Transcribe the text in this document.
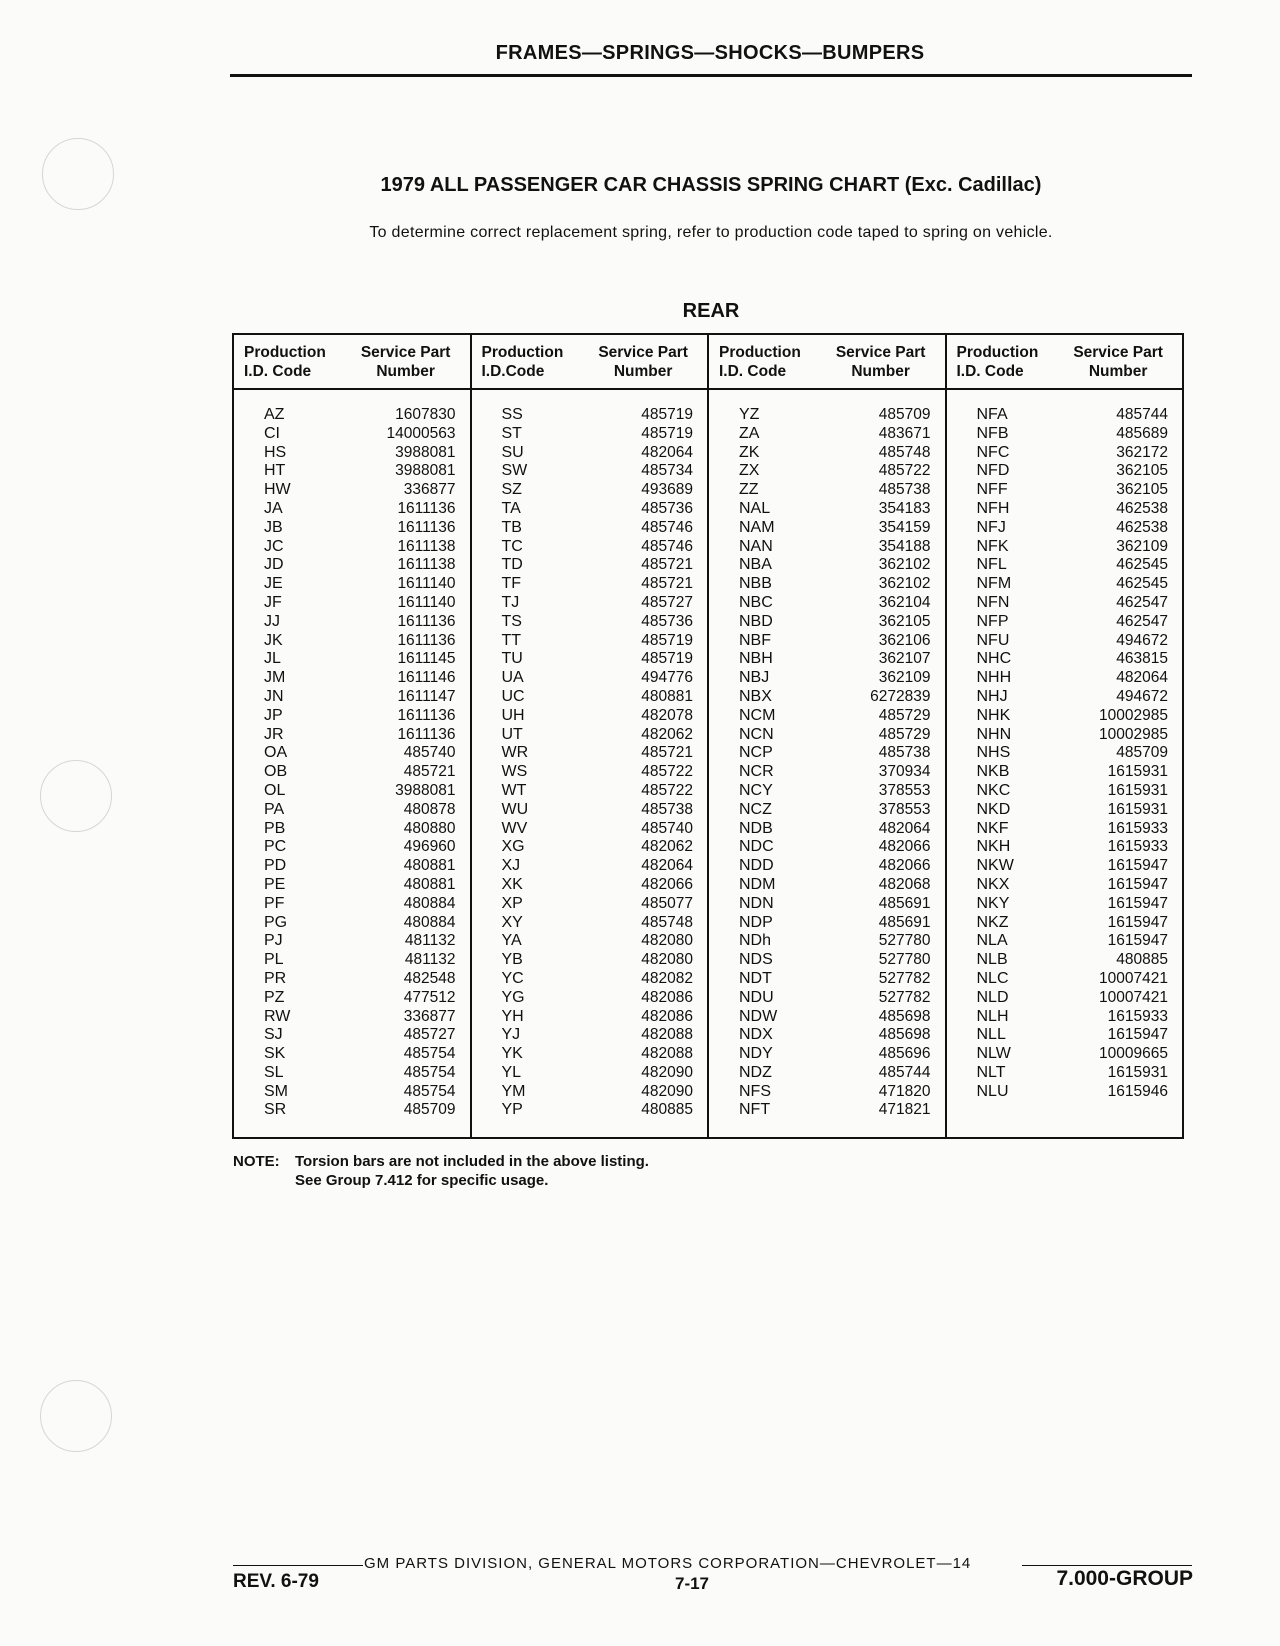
FRAMES—SPRINGS—SHOCKS—BUMPERS
1979 ALL PASSENGER CAR CHASSIS SPRING CHART (Exc. Cadillac)
To determine correct replacement spring, refer to production code taped to spring on vehicle.
REAR
Production I.D. Code
Service Part Number
AZ	1607830
CI	14000563
HS	3988081
HT	3988081
HW	336877
JA	1611136
JB	1611136
JC	1611138
JD	1611138
JE	1611140
JF	1611140
JJ	1611136
JK	1611136
JL	1611145
JM	1611146
JN	1611147
JP	1611136
JR	1611136
OA	485740
OB	485721
OL	3988081
PA	480878
PB	480880
PC	496960
PD	480881
PE	480881
PF	480884
PG	480884
PJ	481132
PL	481132
PR	482548
PZ	477512
RW	336877
SJ	485727
SK	485754
SL	485754
SM	485754
SR	485709
Production I.D.Code
Service Part Number
SS	485719
ST	485719
SU	482064
SW	485734
SZ	493689
TA	485736
TB	485746
TC	485746
TD	485721
TF	485721
TJ	485727
TS	485736
TT	485719
TU	485719
UA	494776
UC	480881
UH	482078
UT	482062
WR	485721
WS	485722
WT	485722
WU	485738
WV	485740
XG	482062
XJ	482064
XK	482066
XP	485077
XY	485748
YA	482080
YB	482080
YC	482082
YG	482086
YH	482086
YJ	482088
YK	482088
YL	482090
YM	482090
YP	480885
Production I.D. Code
Service Part Number
YZ	485709
ZA	483671
ZK	485748
ZX	485722
ZZ	485738
NAL	354183
NAM	354159
NAN	354188
NBA	362102
NBB	362102
NBC	362104
NBD	362105
NBF	362106
NBH	362107
NBJ	362109
NBX	6272839
NCM	485729
NCN	485729
NCP	485738
NCR	370934
NCY	378553
NCZ	378553
NDB	482064
NDC	482066
NDD	482066
NDM	482068
NDN	485691
NDP	485691
NDh	527780
NDS	527780
NDT	527782
NDU	527782
NDW	485698
NDX	485698
NDY	485696
NDZ	485744
NFS	471820
NFT	471821
Production I.D. Code
Service Part Number
NFA	485744
NFB	485689
NFC	362172
NFD	362105
NFF	362105
NFH	462538
NFJ	462538
NFK	362109
NFL	462545
NFM	462545
NFN	462547
NFP	462547
NFU	494672
NHC	463815
NHH	482064
NHJ	494672
NHK	10002985
NHN	10002985
NHS	485709
NKB	1615931
NKC	1615931
NKD	1615931
NKF	1615933
NKH	1615933
NKW	1615947
NKX	1615947
NKY	1615947
NKZ	1615947
NLA	1615947
NLB	480885
NLC	10007421
NLD	10007421
NLH	1615933
NLL	1615947
NLW	10009665
NLT	1615931
NLU	1615946
NOTE: Torsion bars are not included in the above listing.
See Group 7.412 for specific usage.
GM PARTS DIVISION, GENERAL MOTORS CORPORATION—CHEVROLET—14
REV. 6-79	7-17	7.000-GROUP
